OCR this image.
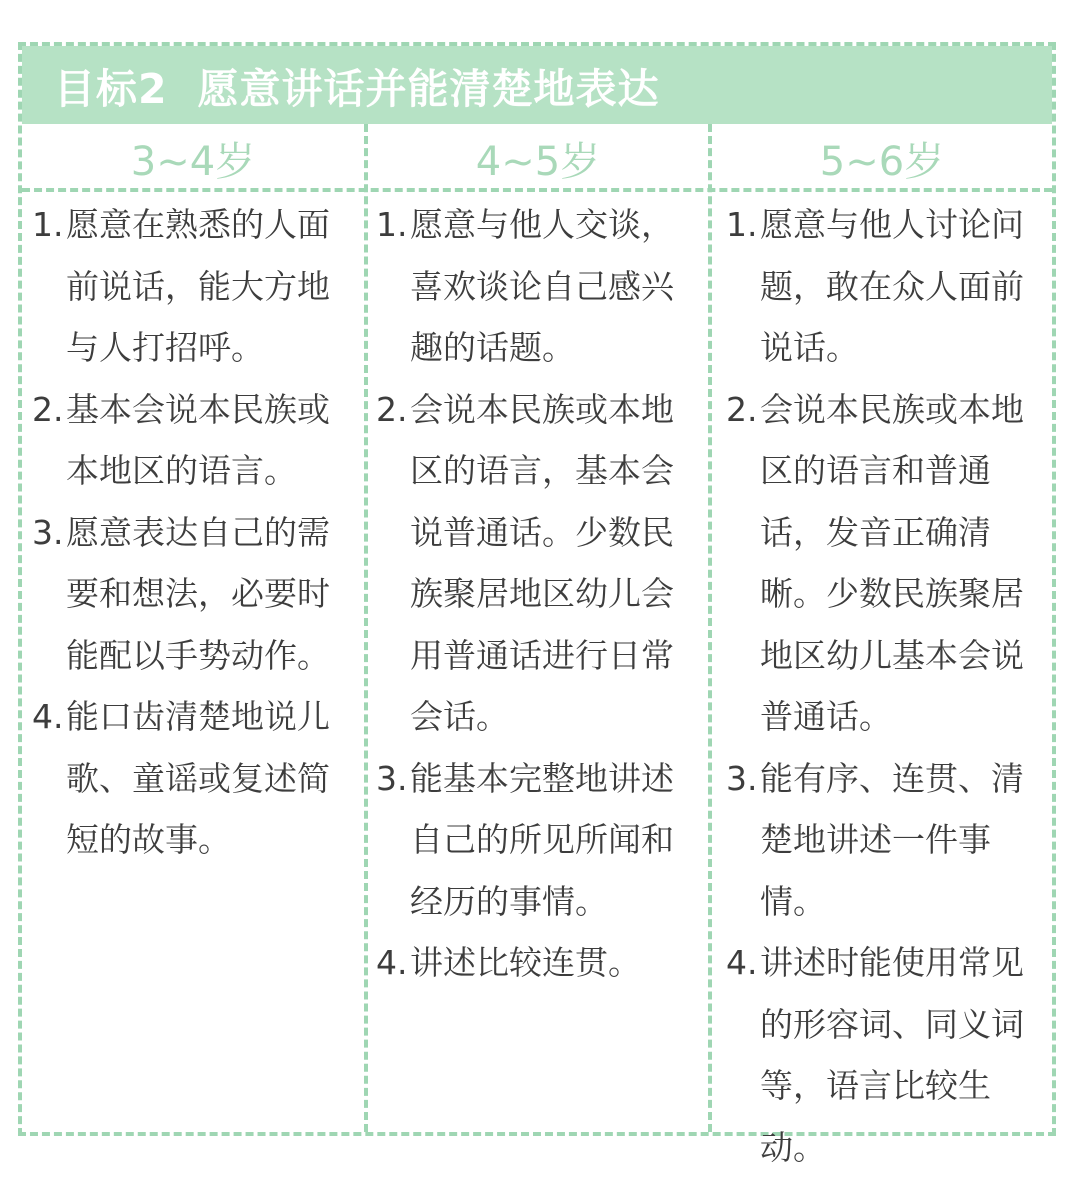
目标2 愿意讲话并能清楚地表达
3~4岁	4~5岁	5~6岁
1. 愿意在熟悉的人面前说话，能大方地与人打招呼。
2. 基本会说本民族或本地区的语言。
3. 愿意表达自己的需要和想法，必要时能配以手势动作。
4. 能口齿清楚地说儿歌、童谣或复述简短的故事。
1. 愿意与他人交谈，喜欢谈论自己感兴趣的话题。
2. 会说本民族或本地区的语言，基本会说普通话。少数民族聚居地区幼儿会用普通话进行日常会话。
3. 能基本完整地讲述自己的所见所闻和经历的事情。
4. 讲述比较连贯。
1. 愿意与他人讨论问题，敢在众人面前说话。
2. 会说本民族或本地区的语言和普通话，发音正确清晰。少数民族聚居地区幼儿基本会说普通话。
3. 能有序、连贯、清楚地讲述一件事情。
4. 讲述时能使用常见的形容词、同义词等，语言比较生动。
